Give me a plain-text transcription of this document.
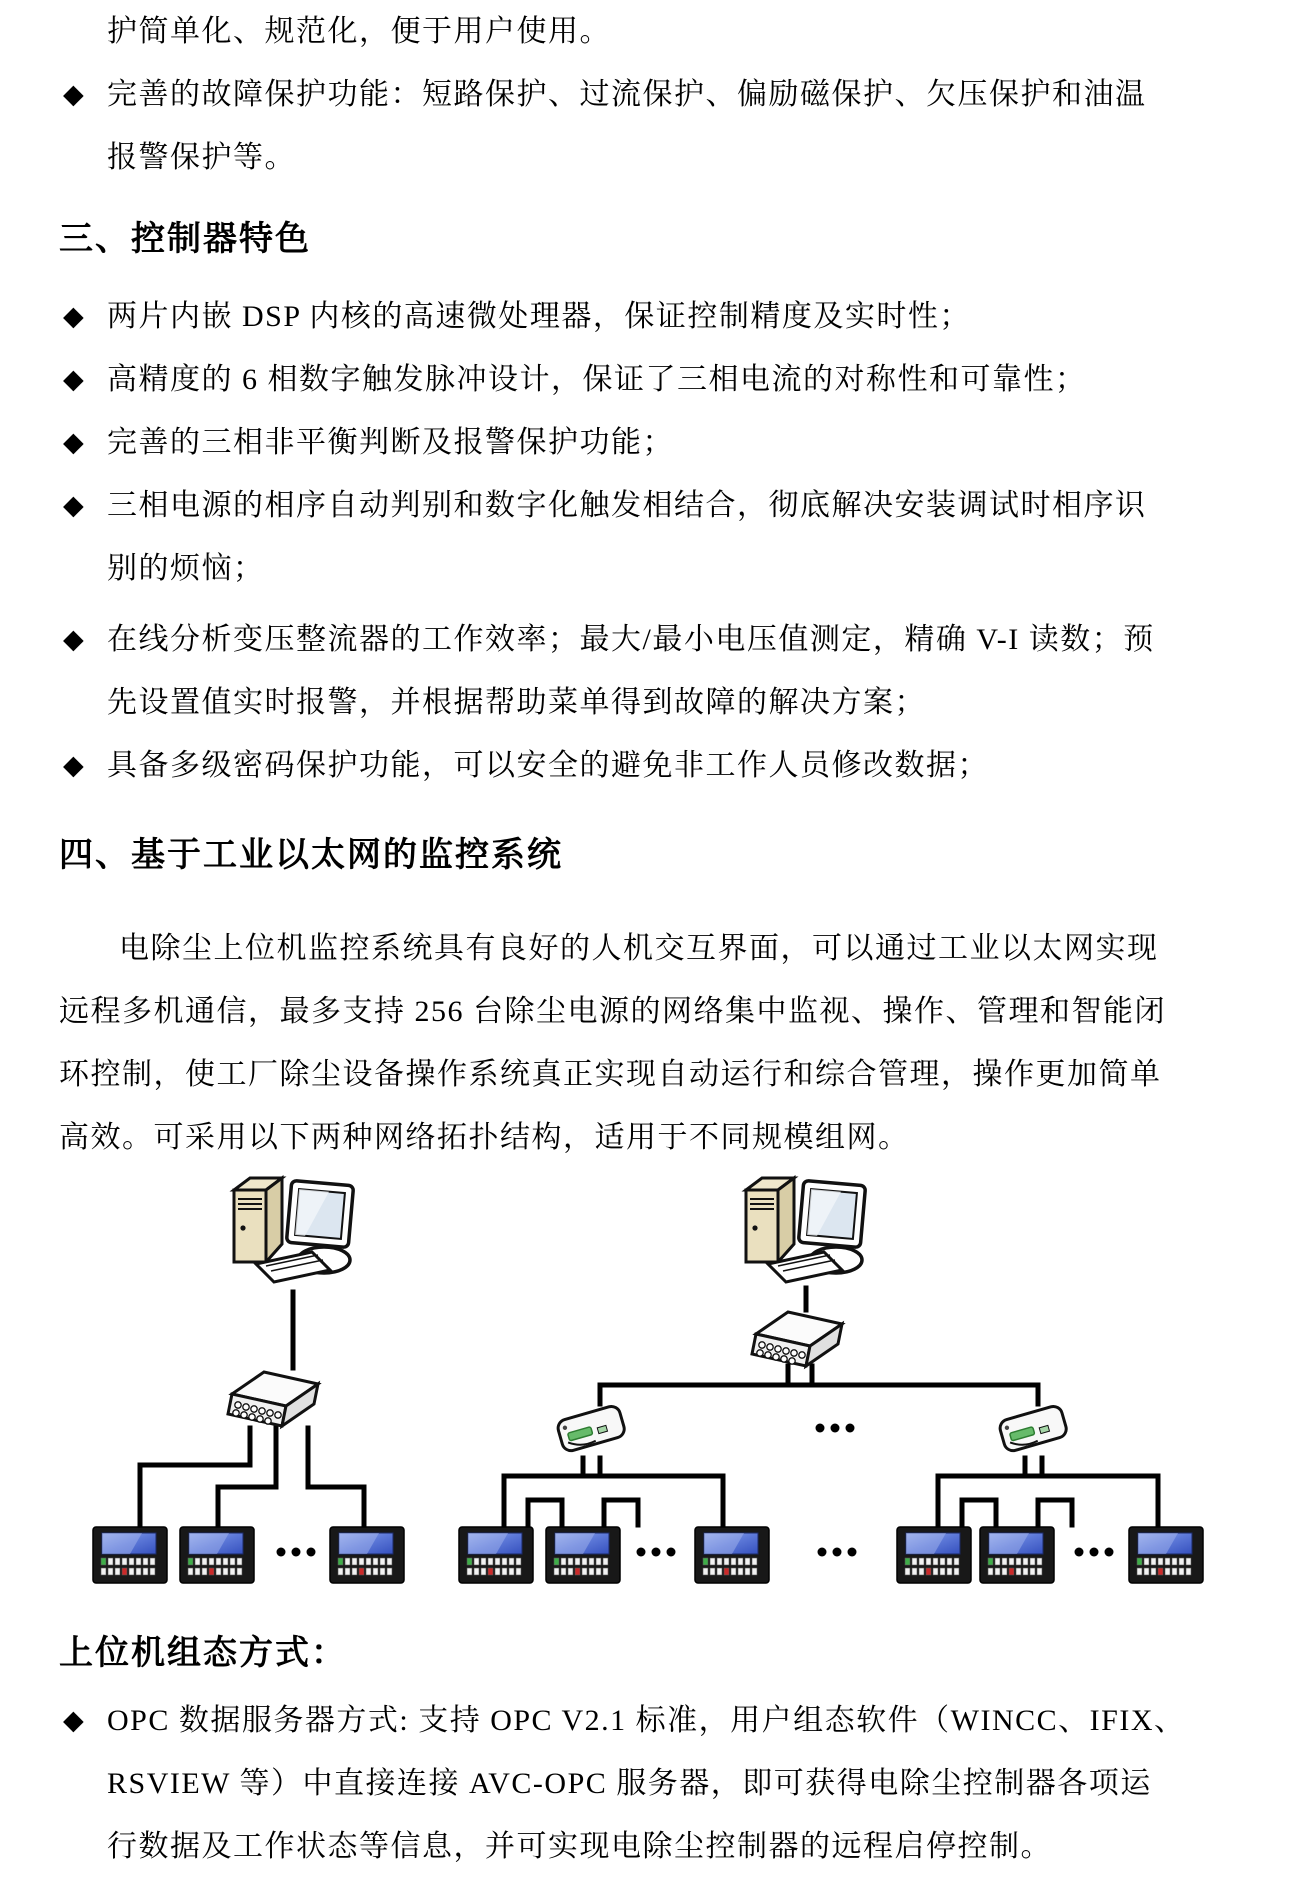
护简单化、规范化，便于用户使用。
◆ 完善的故障保护功能：短路保护、过流保护、偏励磁保护、欠压保护和油温
报警保护等。
三、控制器特色
◆ 两片内嵌 DSP 内核的高速微处理器，保证控制精度及实时性；
◆ 高精度的 6 相数字触发脉冲设计，保证了三相电流的对称性和可靠性；
◆ 完善的三相非平衡判断及报警保护功能；
◆ 三相电源的相序自动判别和数字化触发相结合，彻底解决安装调试时相序识
别的烦恼；
◆ 在线分析变压整流器的工作效率；最大/最小电压值测定，精确 V-I 读数；预
先设置值实时报警，并根据帮助菜单得到故障的解决方案；
◆ 具备多级密码保护功能，可以安全的避免非工作人员修改数据；
四、基于工业以太网的监控系统
电除尘上位机监控系统具有良好的人机交互界面，可以通过工业以太网实现
远程多机通信，最多支持 256 台除尘电源的网络集中监视、操作、管理和智能闭
环控制，使工厂除尘设备操作系统真正实现自动运行和综合管理，操作更加简单
高效。可采用以下两种网络拓扑结构，适用于不同规模组网。
上位机组态方式：
◆ OPC 数据服务器方式: 支持 OPC V2.1 标准，用户组态软件（WINCC、IFIX、
RSVIEW 等）中直接连接 AVC-OPC 服务器，即可获得电除尘控制器各项运
行数据及工作状态等信息，并可实现电除尘控制器的远程启停控制。
